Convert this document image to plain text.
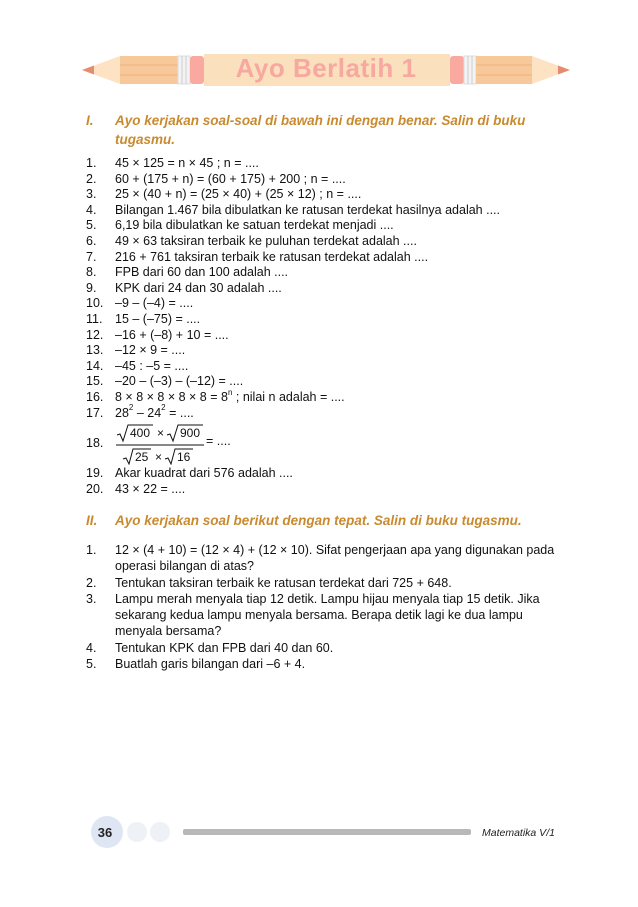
Ayo Berlatih 1
I. Ayo kerjakan soal-soal di bawah ini dengan benar. Salin di buku tugasmu.
1. 45 × 125 = n × 45 ; n = ....
2. 60 + (175 + n) = (60 + 175) + 200 ; n = ....
3. 25 × (40 + n) = (25 × 40) + (25 × 12) ; n = ....
4. Bilangan 1.467 bila dibulatkan ke ratusan terdekat hasilnya adalah ....
5. 6,19 bila dibulatkan ke satuan terdekat menjadi ....
6. 49 × 63 taksiran terbaik ke puluhan terdekat adalah ....
7. 216 + 761 taksiran terbaik ke ratusan terdekat adalah ....
8. FPB dari 60 dan 100 adalah ....
9. KPK dari 24 dan 30 adalah ....
10. –9 – (–4) = ....
11. 15 – (–75) = ....
12. –16 + (–8) + 10 = ....
13. –12 × 9 = ....
14. –45 : –5 = ....
15. –20 – (–3) – (–12) = ....
16. $8 \times 8 \times 8 \times 8 \times 8 = 8^n$ ; nilai n adalah = ....
17. $28^2 - 24^2$ = ....
18.
400 × 900
25 × 16
= ....
19. Akar kuadrat dari 576 adalah ....
20. 43 × 22 = ....
II. Ayo kerjakan soal berikut dengan tepat. Salin di buku tugasmu.
1. 12 × (4 + 10) = (12 × 4) + (12 × 10). Sifat pengerjaan apa yang digunakan pada operasi bilangan di atas?
2. Tentukan taksiran terbaik ke ratusan terdekat dari 725 + 648.
3. Lampu merah menyala tiap 12 detik. Lampu hijau menyala tiap 15 detik. Jika sekarang kedua lampu menyala bersama. Berapa detik lagi ke dua lampu menyala bersama?
4. Tentukan KPK dan FPB dari 40 dan 60.
5. Buatlah garis bilangan dari –6 + 4.
36	Matematika V/1
